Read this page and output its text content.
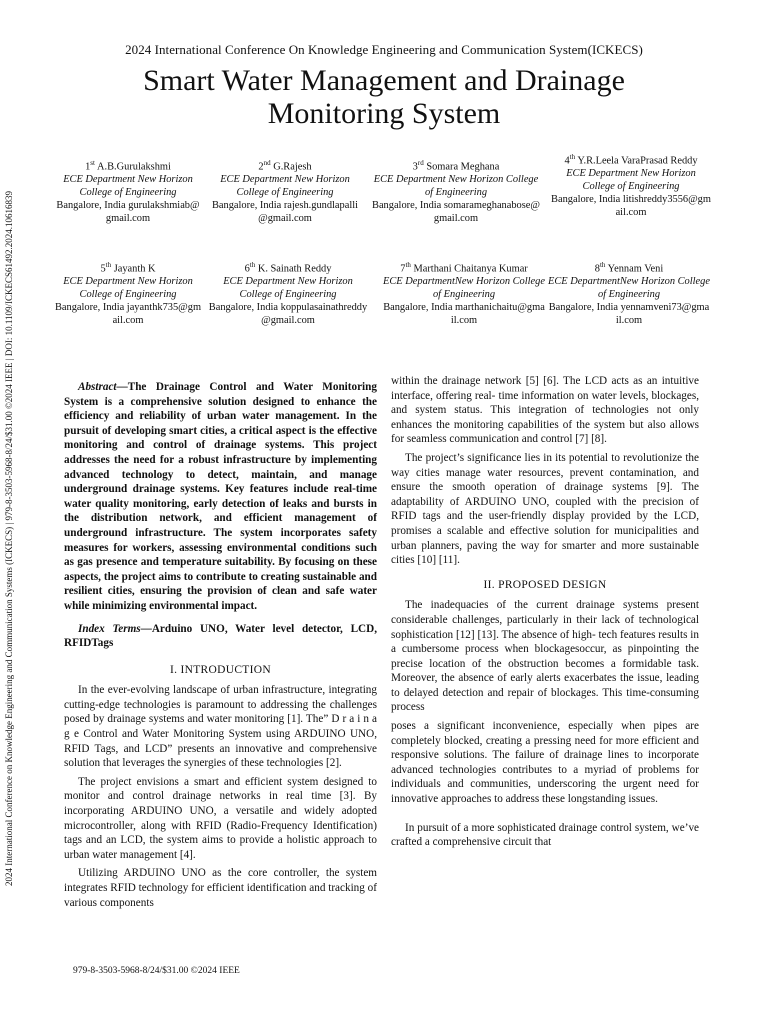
2024 International Conference On Knowledge Engineering and Communication System(ICKECS)
Smart Water Management and Drainage
Monitoring System
2024 International Conference on Knowledge Engineering and Communication Systems (ICKECS) | 979-8-3503-5968-8/24/$31.00 ©2024 IEEE | DOI: 10.1109/ICKECS61492.2024.10616839
1st A.B.Gurulakshmi
ECE Department New Horizon College of Engineering
Bangalore, India gurulakshmiab@gmail.com
2nd G.Rajesh
ECE Department New Horizon College of Engineering
Bangalore, India rajesh.gundlapalli@gmail.com
3rd Somara Meghana
ECE Department New Horizon College of Engineering
Bangalore, India somarameghanabose@gmail.com
4th Y.R.Leela VaraPrasad Reddy
ECE Department New Horizon College of Engineering
Bangalore, India litishreddy3556@gmail.com
5th Jayanth K
ECE Department New Horizon College of Engineering
Bangalore, India jayanthk735@gmail.com
6th K. Sainath Reddy
ECE Department New Horizon College of Engineering
Bangalore, India koppulasainathreddy@gmail.com
7th Marthani Chaitanya Kumar
ECE DepartmentNew Horizon College of Engineering
Bangalore, India marthanichaitu@gmail.com
8th Yennam Veni
ECE DepartmentNew Horizon College of Engineering
Bangalore, India yennamveni73@gmail.com

Abstract—The Drainage Control and Water Monitoring System is a comprehensive solution designed to enhance the efficiency and reliability of urban water management. In the pursuit of developing smart cities, a critical aspect is the effective monitoring and control of drainage systems. This project addresses the need for a robust infrastructure by implementing advanced technology to detect, maintain, and manage underground drainage systems. Key features include real-time water quality monitoring, early detection of leaks and bursts in the distribution network, and efficient management of underground infrastructure. The system incorporates safety measures for workers, assessing environmental conditions such as gas presence and temperature suitability. By focusing on these aspects, the project aims to contribute to creating sustainable and resilient cities, ensuring the provision of clean and safe water while minimizing environmental impact.

Index Terms—Arduino UNO, Water level detector, LCD, RFIDTags

I. INTRODUCTION

In the ever-evolving landscape of urban infrastructure, integrating cutting-edge technologies is paramount to addressing the challenges posed by drainage systems and water monitoring [1]. The” D r a i n a g e Control and Water Monitoring System using ARDUINO UNO, RFID Tags, and LCD” presents an innovative and comprehensive solution that leverages the synergies of these technologies [2].

The project envisions a smart and efficient system designed to monitor and control drainage networks in real time [3]. By incorporating ARDUINO UNO, a versatile and widely adopted microcontroller, along with RFID (Radio-Frequency Identification) tags and an LCD, the system aims to provide a holistic approach to urban water management [4].

Utilizing ARDUINO UNO as the core controller, the system integrates RFID technology for efficient identification and tracking of various components

within the drainage network [5] [6]. The LCD acts as an intuitive interface, offering real- time information on water levels, blockages, and system status. This integration of technologies not only enhances the monitoring capabilities of the system but also allows for seamless communication and control [7] [8].

The project’s significance lies in its potential to revolutionize the way cities manage water resources, prevent contamination, and ensure the smooth operation of drainage systems [9]. The adaptability of ARDUINO UNO, coupled with the precision of RFID tags and the user-friendly display provided by the LCD, promises a scalable and effective solution for municipalities and urban planners, paving the way for smarter and more sustainable cities [10] [11].

II. PROPOSED DESIGN

The inadequacies of the current drainage systems present considerable challenges, particularly in their lack of technological sophistication [12] [13]. The absence of high- tech features results in a cumbersome process when blockagesoccur, as pinpointing the precise location of the obstruction becomes a formidable task. Moreover, the absence of early alerts exacerbates the issue, leading to delayed detection and repair of blockages. This time-consuming process

poses a significant inconvenience, especially when pipes are completely blocked, creating a pressing need for more efficient and responsive solutions. The failure of drainage lines to incorporate advanced technologies contributes to a myriad of problems for individuals and communities, underscoring the urgent need for innovative approaches to address these longstanding issues.

In pursuit of a more sophisticated drainage control system, we’ve crafted a comprehensive circuit that

979-8-3503-5968-8/24/$31.00 ©2024 IEEE
